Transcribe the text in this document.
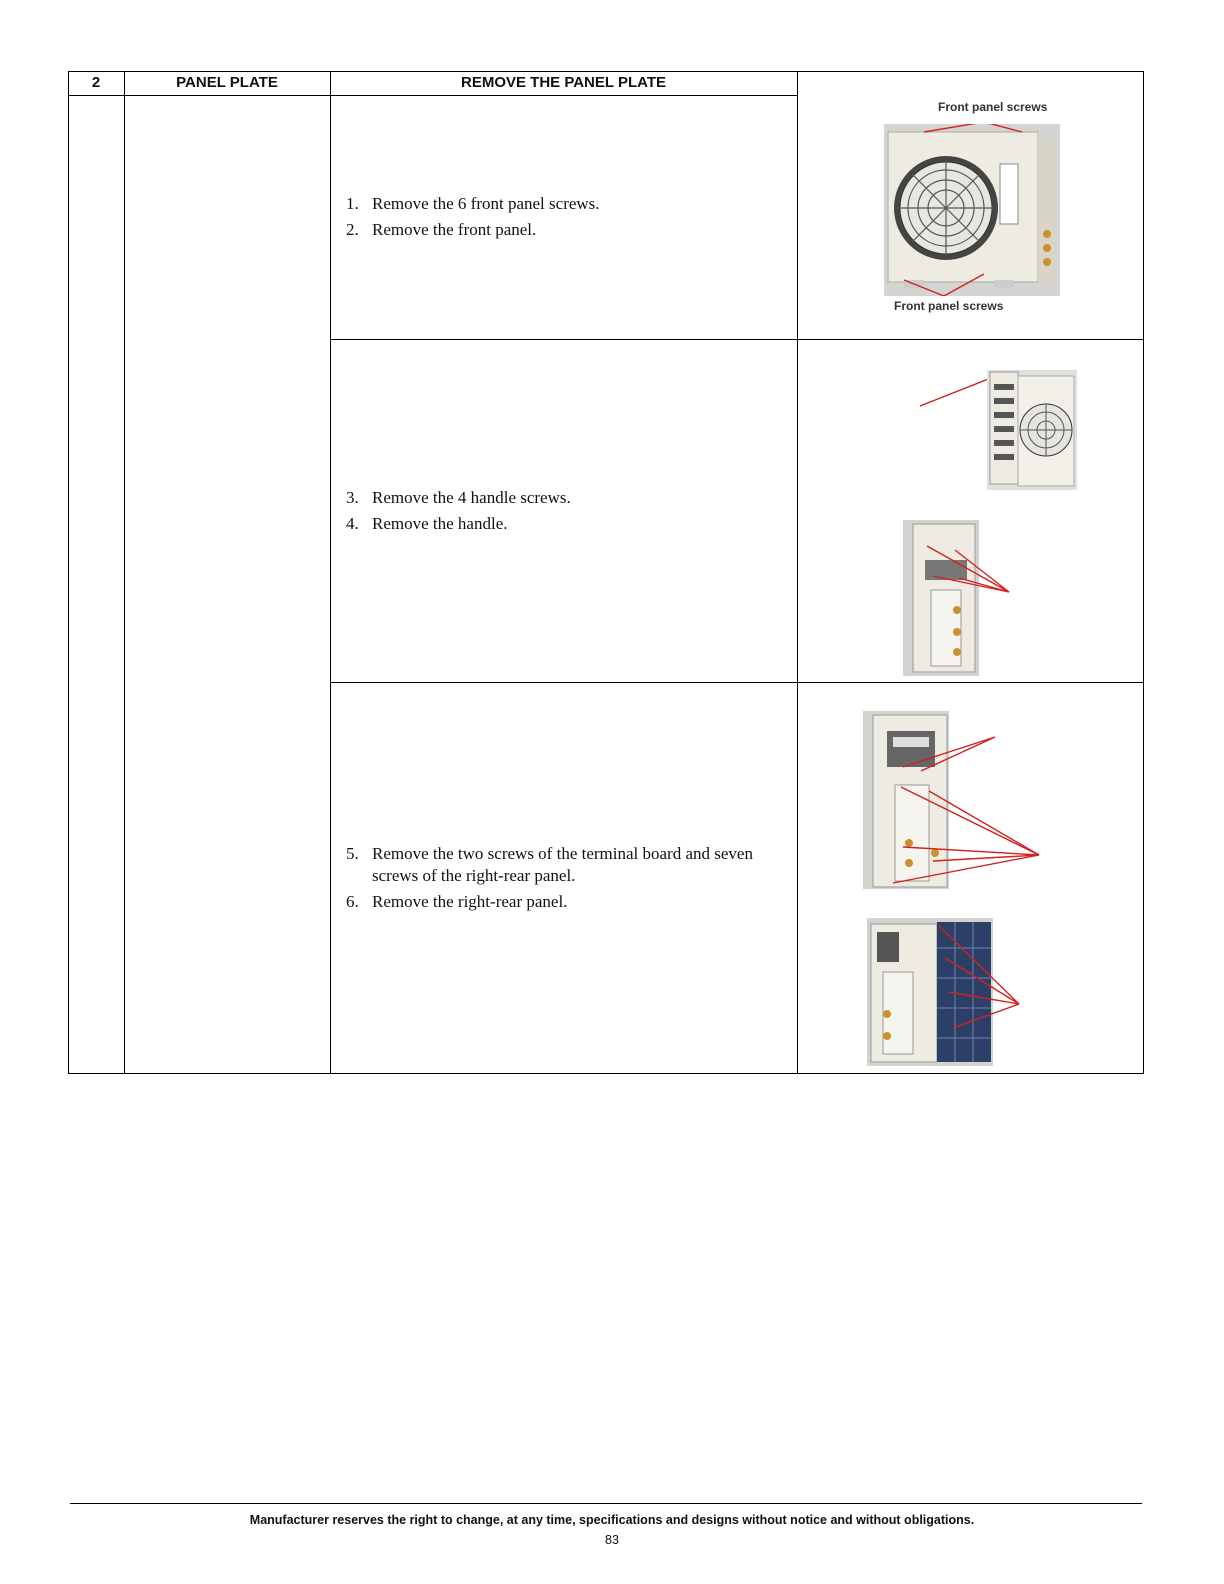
2	PANEL PLATE	REMOVE THE PANEL PLATE
1. Remove the 6 front panel screws.
2. Remove the front panel.
3. Remove the 4 handle screws.
4. Remove the handle.
5. Remove the two screws of the terminal board and seven screws of the right-rear panel.
6. Remove the right-rear panel.
Front panel screws
Front panel screws
Manufacturer reserves the right to change, at any time, specifications and designs without notice and without obligations.
83
